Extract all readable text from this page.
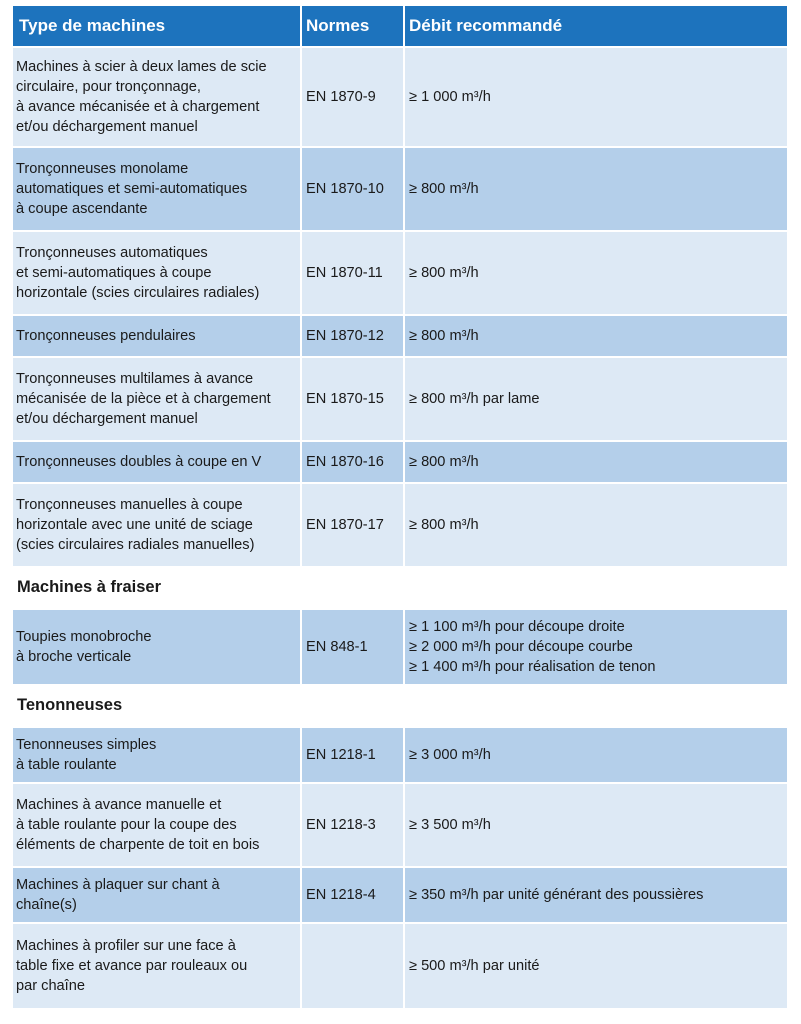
Type de machines	Normes	Débit recommandé

Machines à scier à deux lames de scie
circulaire, pour tronçonnage,
à avance mécanisée et à chargement
et/ou déchargement manuel	EN 1870-9	≥ 1 000 m³/h

Tronçonneuses monolame
automatiques et semi-automatiques
à coupe ascendante	EN 1870-10	≥ 800 m³/h

Tronçonneuses automatiques
et semi-automatiques à coupe
horizontale (scies circulaires radiales)	EN 1870-11	≥ 800 m³/h

Tronçonneuses pendulaires	EN 1870-12	≥ 800 m³/h

Tronçonneuses multilames à avance
mécanisée de la pièce et à chargement
et/ou déchargement manuel	EN 1870-15	≥ 800 m³/h par lame

Tronçonneuses doubles à coupe en V	EN 1870-16	≥ 800 m³/h

Tronçonneuses manuelles à coupe
horizontale avec une unité de sciage
(scies circulaires radiales manuelles)	EN 1870-17	≥ 800 m³/h

Machines à fraiser		

Toupies monobroche
à broche verticale	EN 848-1	≥ 1 100 m³/h pour découpe droite
≥ 2 000 m³/h pour découpe courbe
≥ 1 400 m³/h pour réalisation de tenon

Tenonneuses		

Tenonneuses simples
à table roulante	EN 1218-1	≥ 3 000 m³/h

Machines à avance manuelle et
à table roulante pour la coupe des
éléments de charpente de toit en bois	EN 1218-3	≥ 3 500 m³/h

Machines à plaquer sur chant à
chaîne(s)	EN 1218-4	≥ 350 m³/h par unité générant des poussières

Machines à profiler sur une face à
table fixe et avance par rouleaux ou
par chaîne		≥ 500 m³/h par unité
